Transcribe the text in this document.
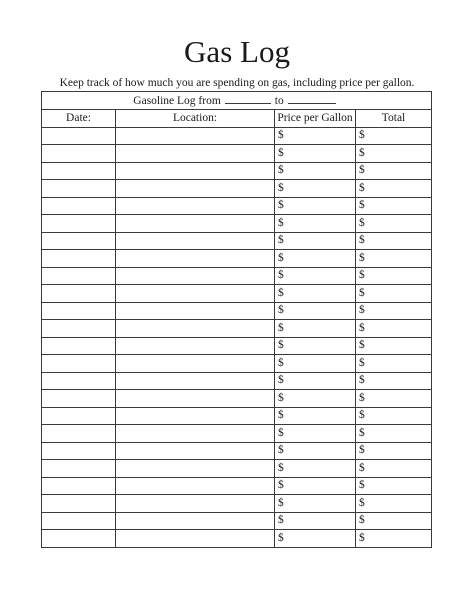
Gas Log
Keep track of how much you are spending on gas, including price per gallon.
Gasoline Log from to			
Date:	Location:	Price per Gallon	Total
		$	$
		$	$
		$	$
		$	$
		$	$
		$	$
		$	$
		$	$
		$	$
		$	$
		$	$
		$	$
		$	$
		$	$
		$	$
		$	$
		$	$
		$	$
		$	$
		$	$
		$	$
		$	$
		$	$
		$	$
